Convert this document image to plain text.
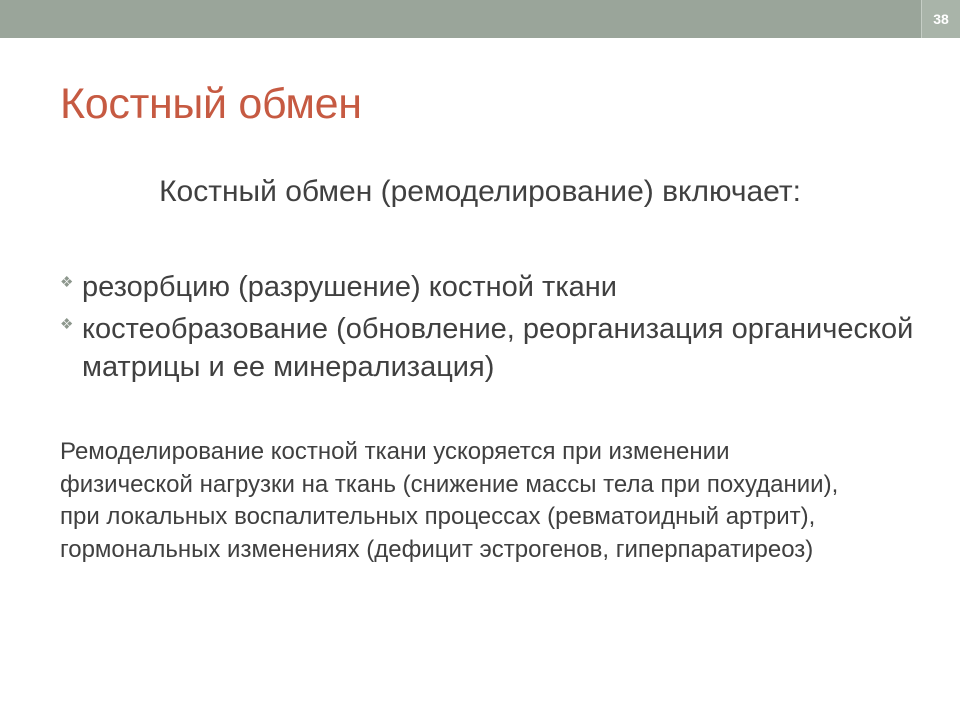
38
Костный обмен
Костный обмен (ремоделирование) включает:
❖ резорбцию (разрушение) костной ткани
❖ костеобразование (обновление, реорганизация органической матрицы и ее минерализация)
Ремоделирование костной ткани ускоряется при изменении физической нагрузки на ткань (снижение массы тела при похудании), при локальных воспалительных процессах (ревматоидный артрит), гормональных изменениях (дефицит эстрогенов, гиперпаратиреоз)
